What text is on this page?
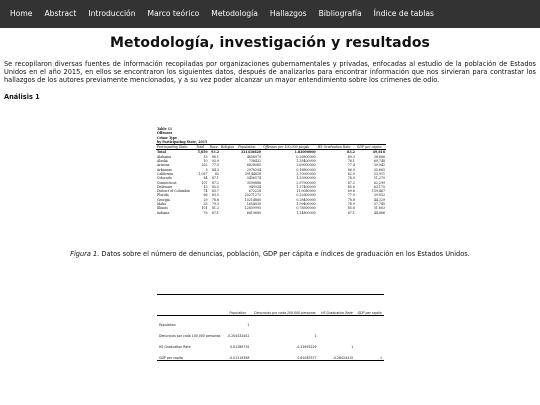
Home	Abstract	Introducción	Marco teórico	Metodología	Hallazgos	Bibliografía	Índice de tablas
Metodología, investigación y resultados

Se recopilaron diversas fuentes de información recopiladas por organizaciones gubernamentales y privadas, enfocadas al estudio de la población de Estados Unidos en el año 2015, en ellos se encontraron los siguientes datos, después de analizarlos para encontrar información que nos sirvieran para contrastar los hallazgos de los autores previamente mencionados, y a su vez poder alcanzar un mayor entendimiento sobre los crímenes de odio.

Análisis 1
Table 11							
Offenses							
Crime Type							
by Participating State, 2015							
Participating State	Total	Race	Religion	Population	Offenses per 100,000 people	HS Graduation Rate	GDP per capita
Total	5,850	93.2		321418820	1.82000000	83.2	49,818
Alabama	13	88.1		4858979	0.26800000	89.3	38,666
Alaska	10	93.9		738432	1.35400000	76.1	69,748
Arizona	252	77.5		6828065	3.69000000	77.4	39,942
Arkansas	5	84.3		2978204	0.16800000	86.9	35,665
California	1,057	82		39144818	2.70000000	82.0	53,911
Colorado	84	87.1		5456574	1.53900000	78.9	51,270
Connecticut	107	87.2		3590886	2.97900000	87.2	62,299
Delaware	13	85.5		945934	1.37400000	85.6	63,175
District of Columbia	74	83.7		672228	11.0080000	69.6	159,467
Florida	66	83.5		20271272	0.32600000	77.9	39,852
Georgia	29	78.6		10214860	0.28400000	78.8	44,329
Idaho	33	79.3		1654930	1.99400000	78.9	37,745
Illinois	101	81.2		12859995	0.78500000	85.6	51,803
Indiana	76	87.1		6619680	1.14800000	87.1	44,866
Figura 1. Datos sobre el número de denuncias, población, GDP per cápita e índices de graduación en los Estados Unidos.
	Population	Denuncias por cada 100,000 personas	HS Graduation Rate	GDP per capita
Population	1			
Denuncias por cada 100,000 personas	-0.204432402	1		
HS Graduation Rate	0.01289735	-0.22693229	1	
GDP per capita	-0.01219398	0.61083377	-0.28424415	1
